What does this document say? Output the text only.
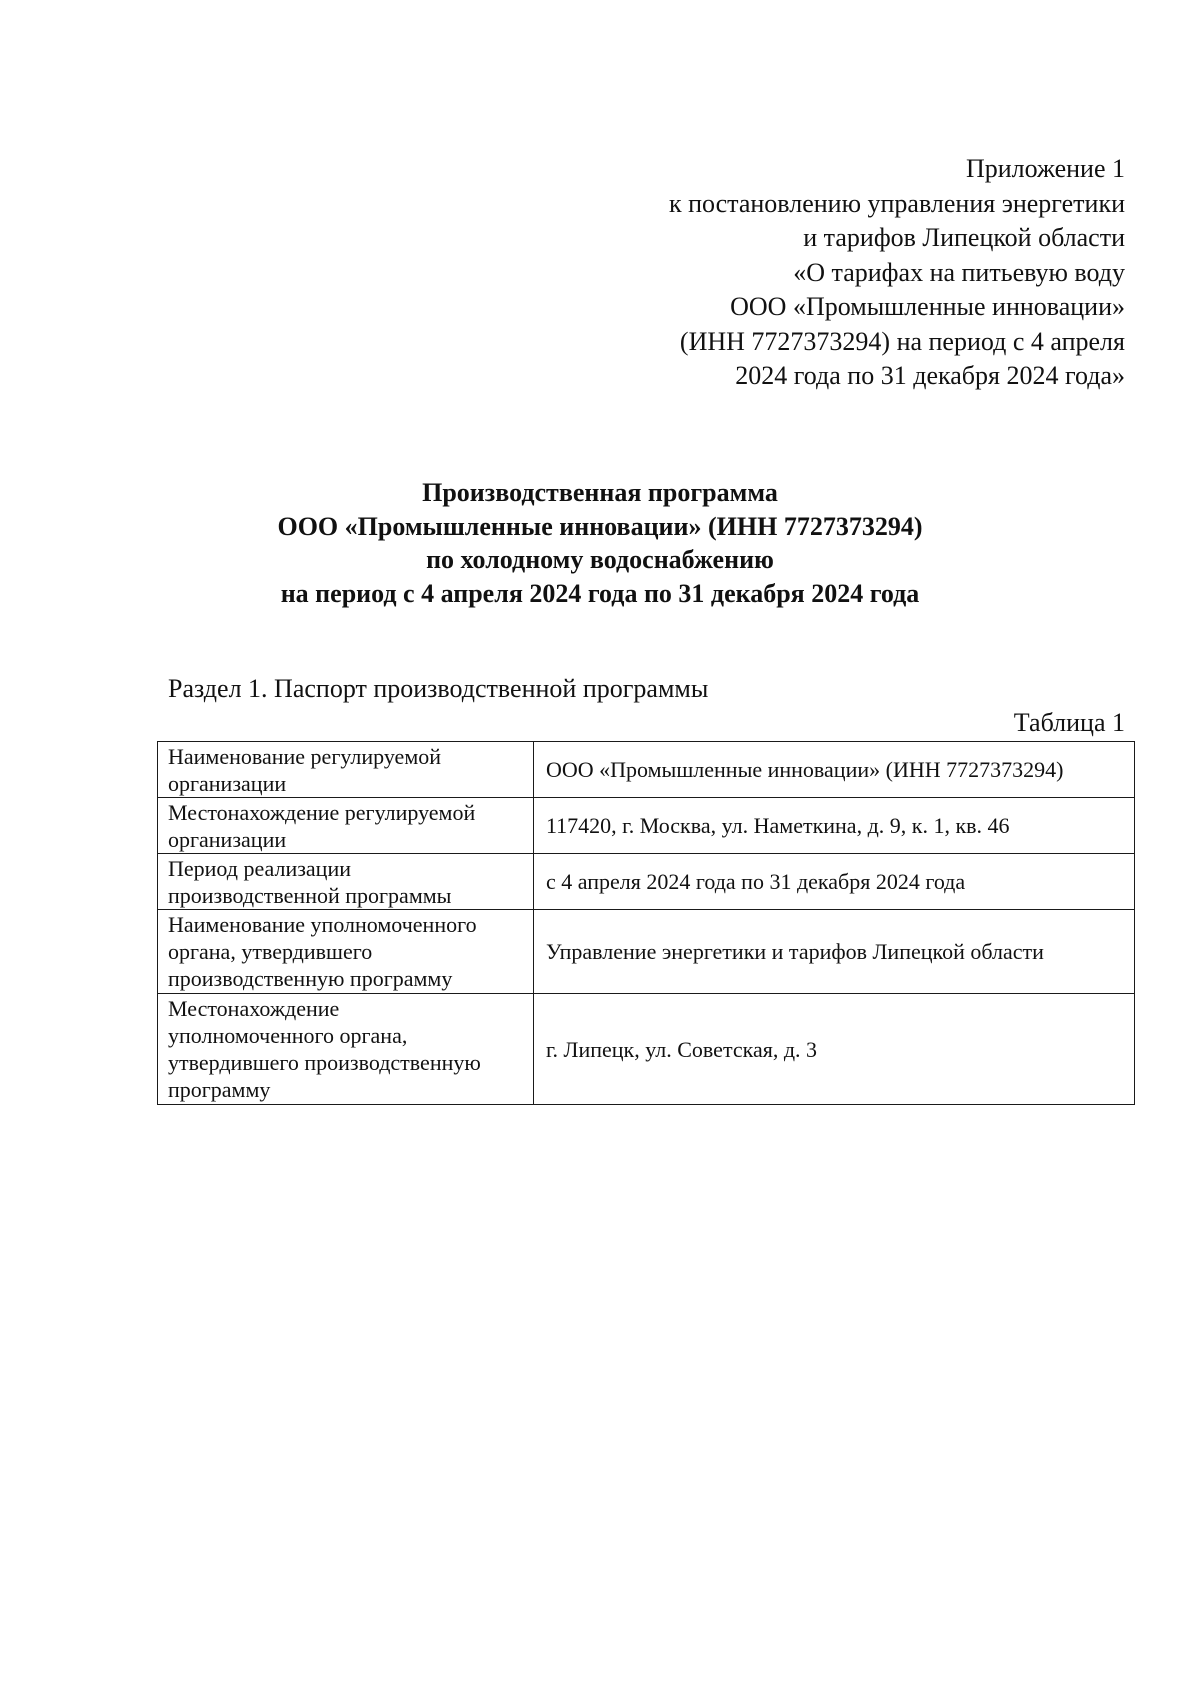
Приложение 1
к постановлению управления энергетики
и тарифов Липецкой области
«О тарифах на питьевую воду
ООО «Промышленные инновации»
(ИНН 7727373294) на период с 4 апреля
2024 года по 31 декабря 2024 года»
Производственная программа
ООО «Промышленные инновации» (ИНН 7727373294)
по холодному водоснабжению
на период с 4 апреля 2024 года по 31 декабря 2024 года
Раздел 1. Паспорт производственной программы
Таблица 1
Наименование регулируемой
организации	ООО «Промышленные инновации» (ИНН 7727373294)

Местонахождение регулируемой
организации	117420, г. Москва, ул. Наметкина, д. 9, к. 1, кв. 46

Период реализации
производственной программы	с 4 апреля 2024 года по 31 декабря 2024 года

Наименование уполномоченного
органа, утвердившего
производственную программу	Управление энергетики и тарифов Липецкой области

Местонахождение
уполномоченного органа,
утвердившего производственную
программу	г. Липецк, ул. Советская, д. 3
